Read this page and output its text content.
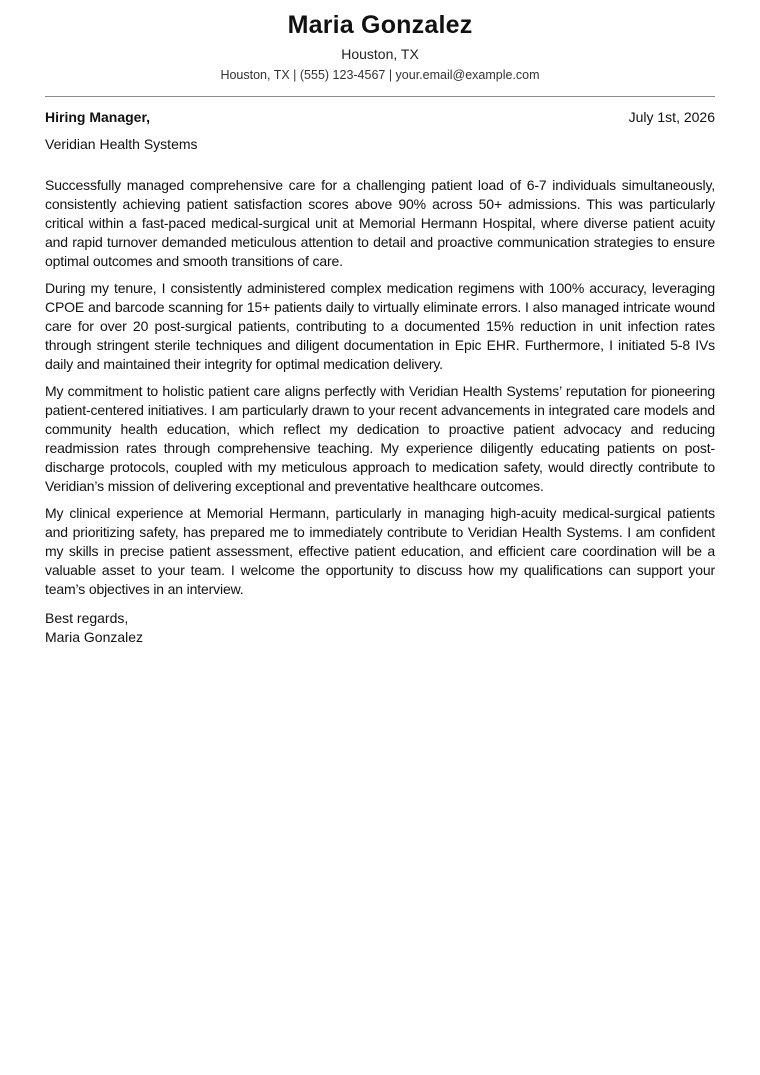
Maria Gonzalez
Houston, TX
Houston, TX | (555) 123-4567 | your.email@example.com
Hiring Manager,	July 1st, 2026
Veridian Health Systems

Successfully managed comprehensive care for a challenging patient load of 6-7 individuals simultaneously, consistently achieving patient satisfaction scores above 90% across 50+ admissions. This was particularly critical within a fast-paced medical-surgical unit at Memorial Hermann Hospital, where diverse patient acuity and rapid turnover demanded meticulous attention to detail and proactive communication strategies to ensure optimal outcomes and smooth transitions of care.

During my tenure, I consistently administered complex medication regimens with 100% accuracy, leveraging CPOE and barcode scanning for 15+ patients daily to virtually eliminate errors. I also managed intricate wound care for over 20 post-surgical patients, contributing to a documented 15% reduction in unit infection rates through stringent sterile techniques and diligent documentation in Epic EHR. Furthermore, I initiated 5-8 IVs daily and maintained their integrity for optimal medication delivery.

My commitment to holistic patient care aligns perfectly with Veridian Health Systems’ reputation for pioneering patient-centered initiatives. I am particularly drawn to your recent advancements in integrated care models and community health education, which reflect my dedication to proactive patient advocacy and reducing readmission rates through comprehensive teaching. My experience diligently educating patients on post-discharge protocols, coupled with my meticulous approach to medication safety, would directly contribute to Veridian’s mission of delivering exceptional and preventative healthcare outcomes.

My clinical experience at Memorial Hermann, particularly in managing high-acuity medical-surgical patients and prioritizing safety, has prepared me to immediately contribute to Veridian Health Systems. I am confident my skills in precise patient assessment, effective patient education, and efficient care coordination will be a valuable asset to your team. I welcome the opportunity to discuss how my qualifications can support your team’s objectives in an interview.

Best regards,
Maria Gonzalez
